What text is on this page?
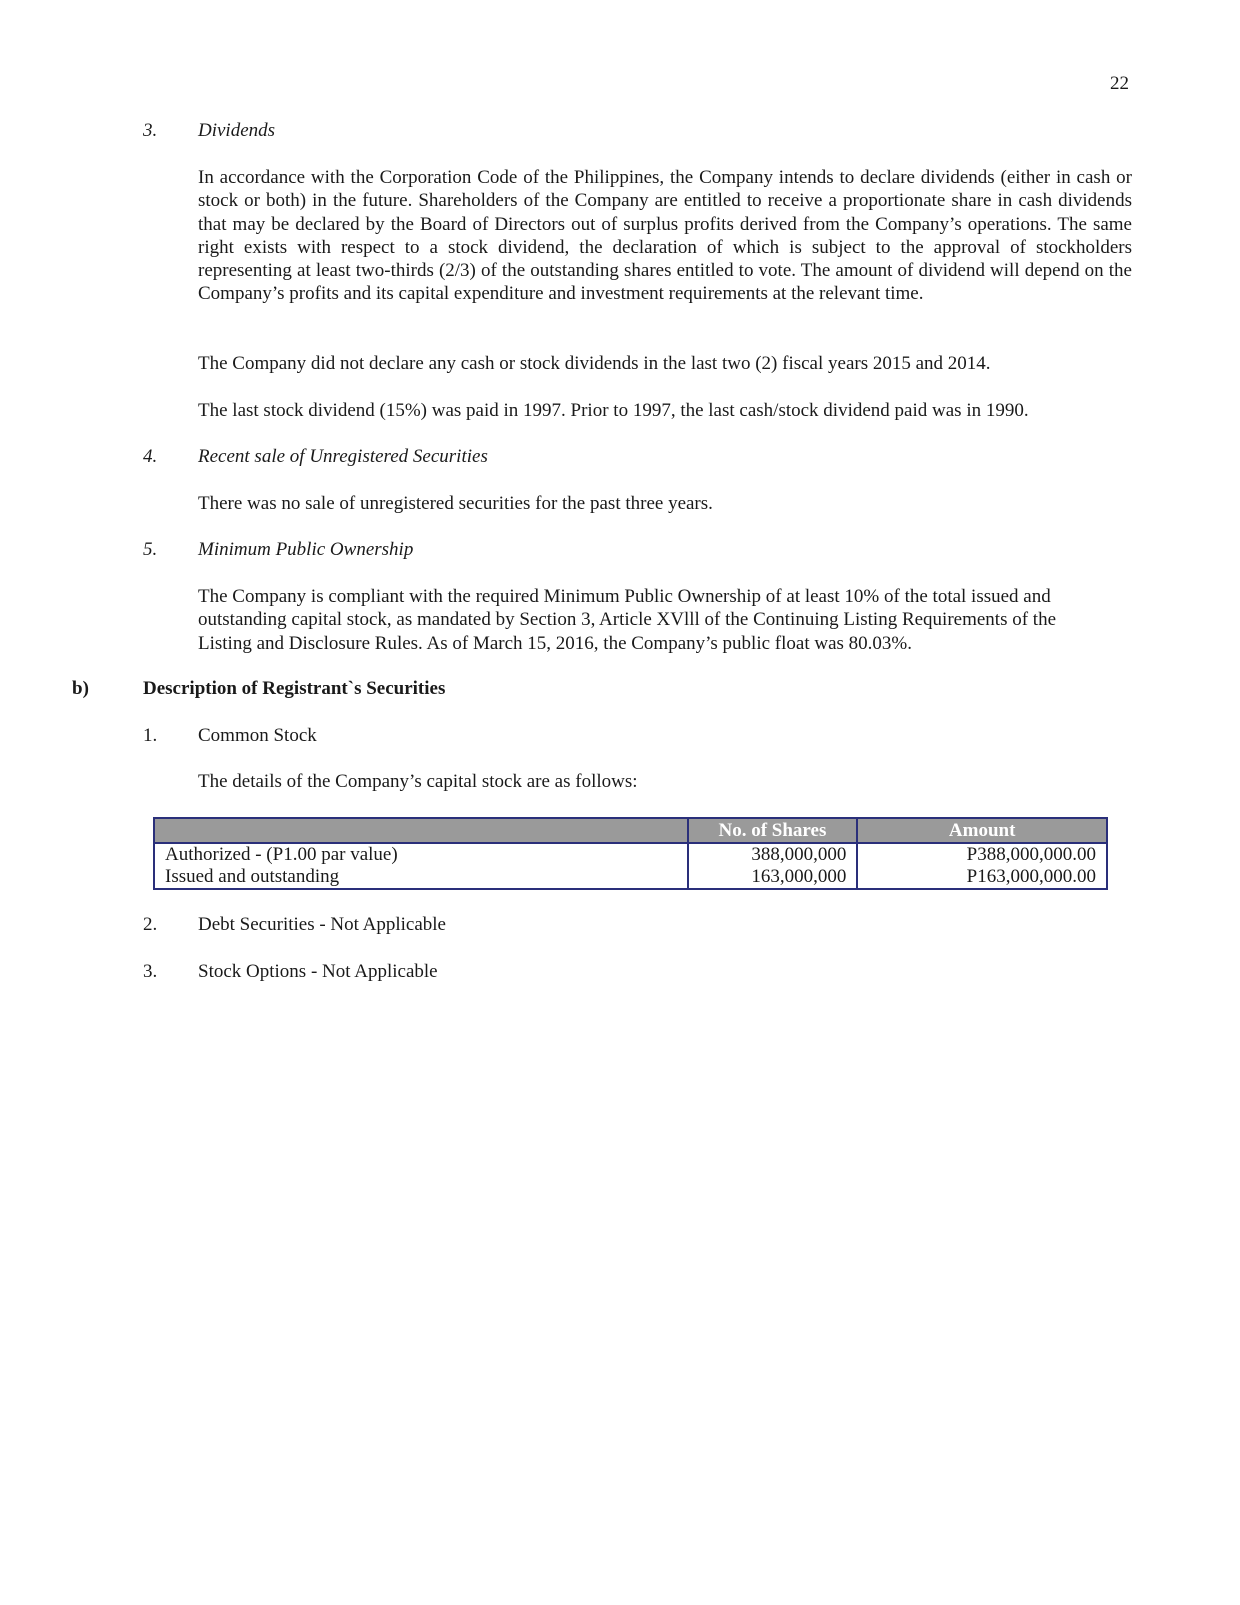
22
3. Dividends

In accordance with the Corporation Code of the Philippines, the Company intends to declare dividends (either in cash or stock or both) in the future. Shareholders of the Company are entitled to receive a proportionate share in cash dividends that may be declared by the Board of Directors out of surplus profits derived from the Company’s operations. The same right exists with respect to a stock dividend, the declaration of which is subject to the approval of stockholders representing at least two-thirds (2/3) of the outstanding shares entitled to vote. The amount of dividend will depend on the Company’s profits and its capital expenditure and investment requirements at the relevant time.

The Company did not declare any cash or stock dividends in the last two (2) fiscal years 2015 and 2014.

The last stock dividend (15%) was paid in 1997. Prior to 1997, the last cash/stock dividend paid was in 1990.

4. Recent sale of Unregistered Securities

There was no sale of unregistered securities for the past three years.

5. Minimum Public Ownership
The Company is compliant with the required Minimum Public Ownership of at least 10% of the total issued and
outstanding capital stock, as mandated by Section 3, Article XVlll of the Continuing Listing Requirements of the
Listing and Disclosure Rules. As of March 15, 2016, the Company’s public float was 80.03%.
b)	Description of Registrant`s Securities
1. Common Stock
The details of the Company’s capital stock are as follows:
	No. of Shares	Amount
Authorized - (P1.00 par value)	388,000,000	P388,000,000.00
Issued and outstanding	163,000,000	P163,000,000.00
2. Debt Securities - Not Applicable
3. Stock Options - Not Applicable
